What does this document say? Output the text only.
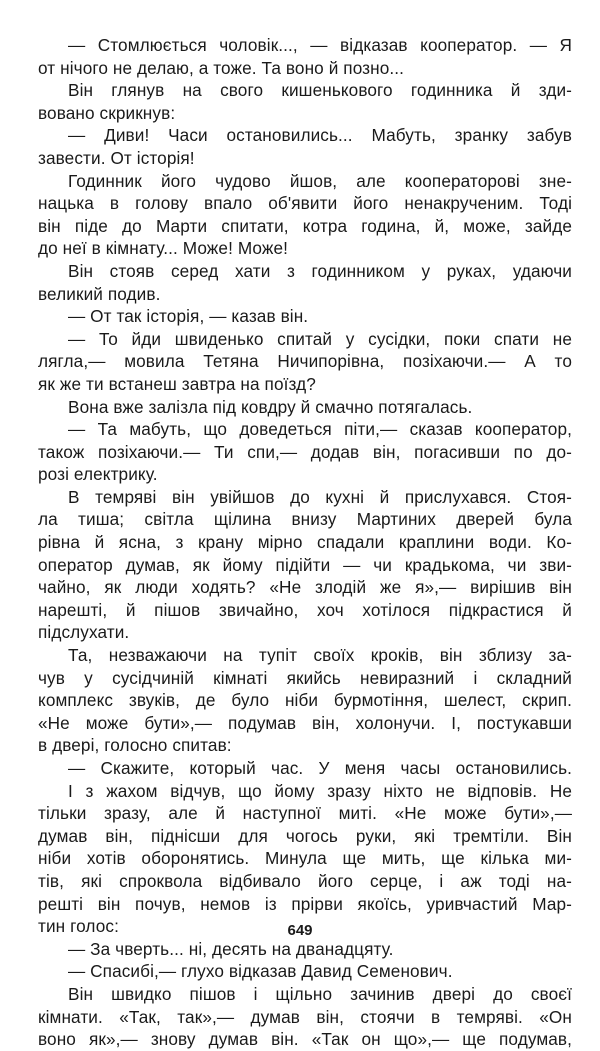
— Стомлюється чоловік..., — відказав кооператор. — Я
от нічого не делаю, а тоже. Та воно й позно...
Він глянув на свого кишенькового годинника й зди-
вовано скрикнув:
— Диви! Часи остановились... Мабуть, зранку забув
завести. От історія!
Годинник його чудово йшов, але кооператорові зне-
нацька в голову впало об'явити його ненакрученим. Тоді
він піде до Марти спитати, котра година, й, може, зайде
до неї в кімнату... Може! Може!
Він стояв серед хати з годинником у руках, удаючи
великий подив.
— От так історія, — казав він.
— То йди швиденько спитай у сусідки, поки спати не
лягла,— мовила Тетяна Ничипорівна, позіхаючи.— А то
як же ти встанеш завтра на поїзд?
Вона вже залізла під ковдру й смачно потягалась.
— Та мабуть, що доведеться піти,— сказав кооператор,
також позіхаючи.— Ти спи,— додав він, погасивши по до-
розі електрику.
В темряві він увійшов до кухні й прислухався. Стоя-
ла тиша; світла щілина внизу Мартиних дверей була
рівна й ясна, з крану мірно спадали краплини води. Ко-
оператор думав, як йому підійти — чи крадькома, чи зви-
чайно, як люди ходять? «Не злодій же я»,— вирішив він
нарешті, й пішов звичайно, хоч хотілося підкрастися й
підслухати.
Та, незважаючи на тупіт своїх кроків, він зблизу за-
чув у сусідчиній кімнаті якийсь невиразний і складний
комплекс звуків, де було ніби бурмотіння, шелест, скрип.
«Не може бути»,— подумав він, холонучи. І, постукавши
в двері, голосно спитав:
— Скажите, который час. У меня часы остановились.
І з жахом відчув, що йому зразу ніхто не відповів. Не
тільки зразу, але й наступної миті. «Не може бути»,—
думав він, піднісши для чогось руки, які тремтіли. Він
ніби хотів оборонятись. Минула ще мить, ще кілька ми-
тів, які спроквола відбивало його серце, і аж тоді на-
решті він почув, немов із прірви якоїсь, уривчастий Мар-
тин голос:
— За чверть... ні, десять на дванадцяту.
— Спасибі,— глухо відказав Давид Семенович.
Він швидко пішов і щільно зачинив двері до своєї
кімнати. «Так, так»,— думав він, стоячи в темряві. «Он
воно як»,— знову думав він. «Так он що»,— ще подумав,
649
